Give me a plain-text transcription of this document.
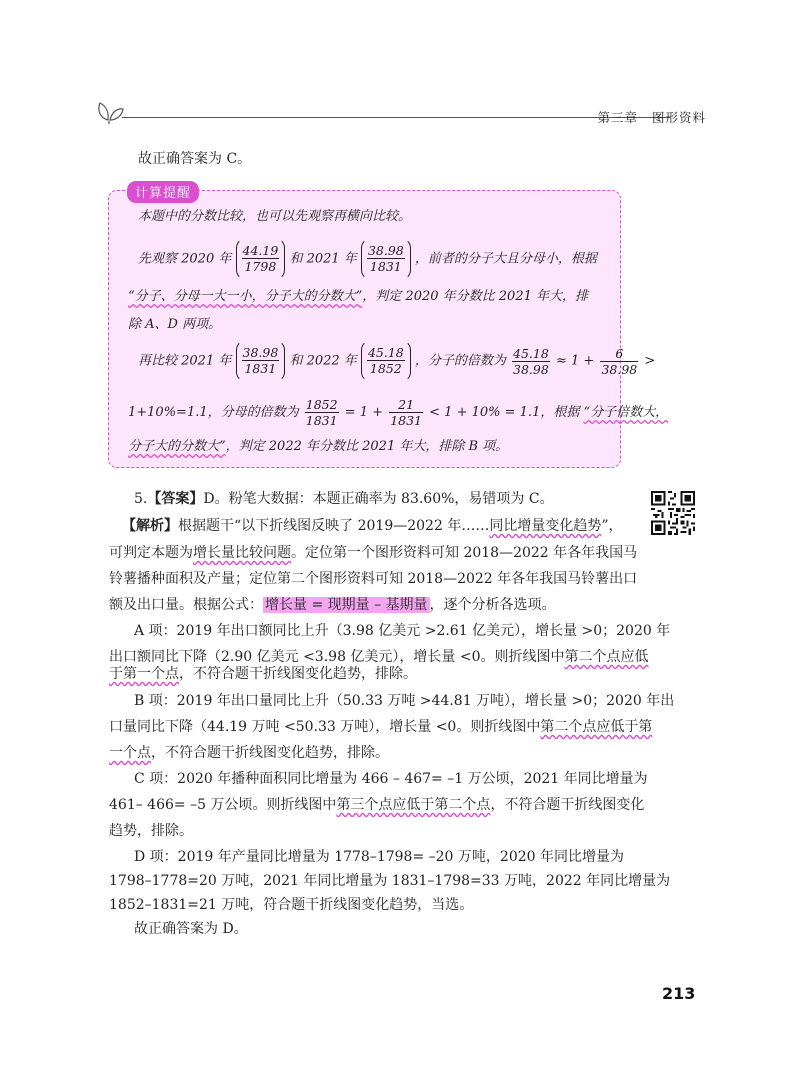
第三章 图形资料
故正确答案为 C。
计算提醒
本题中的分数比较，也可以先观察再横向比较。
先观察 2020 年 $\frac{44.19}{1798}$ 和 2021 年 $\frac{38.98}{1831}$ ，前者的分子大且分母小，根据
“分子、分母一大一小，分子大的分数大”，判定 2020 年分数比 2021 年大，排
除 A、D 两项。
再比较 2021 年 $\frac{38.98}{1831}$ 和 2022 年 $\frac{45.18}{1852}$ ，分子的倍数为 $\frac{45.18}{38.98} \approx 1 + \frac{6}{38.98}$ >
1+10%=1.1，分母的倍数为 $\frac{1852}{1831} = 1 + \frac{21}{1831} < 1 + 10\% = 1.1$，根据 “分子倍数大，
分子大的分数大”，判定 2022 年分数比 2021 年大，排除 B 项。
5.【答案】D。粉笔大数据：本题正确率为 83.60%，易错项为 C。
【解析】根据题干“以下折线图反映了 2019—2022 年……同比增量变化趋势”，
可判定本题为增长量比较问题。定位第一个图形资料可知 2018—2022 年各年我国马
铃薯播种面积及产量；定位第二个图形资料可知 2018—2022 年各年我国马铃薯出口
额及出口量。根据公式： 增长量 = 现期量 – 基期量 ，逐个分析各选项。
A 项：2019 年出口额同比上升（3.98 亿美元 >2.61 亿美元），增长量 >0；2020 年
出口额同比下降（2.90 亿美元 <3.98 亿美元），增长量 <0。则折线图中第二个点应低
于第一个点，不符合题干折线图变化趋势，排除。
B 项：2019 年出口量同比上升（50.33 万吨 >44.81 万吨），增长量 >0；2020 年出
口量同比下降（44.19 万吨 <50.33 万吨），增长量 <0。则折线图中第二个点应低于第
一个点，不符合题干折线图变化趋势，排除。
C 项：2020 年播种面积同比增量为 466 – 467= –1 万公顷，2021 年同比增量为
461– 466= –5 万公顷。则折线图中第三个点应低于第二个点，不符合题干折线图变化
趋势，排除。
D 项：2019 年产量同比增量为 1778–1798= –20 万吨，2020 年同比增量为
1798–1778=20 万吨，2021 年同比增量为 1831–1798=33 万吨，2022 年同比增量为
1852–1831=21 万吨，符合题干折线图变化趋势，当选。
故正确答案为 D。
213
